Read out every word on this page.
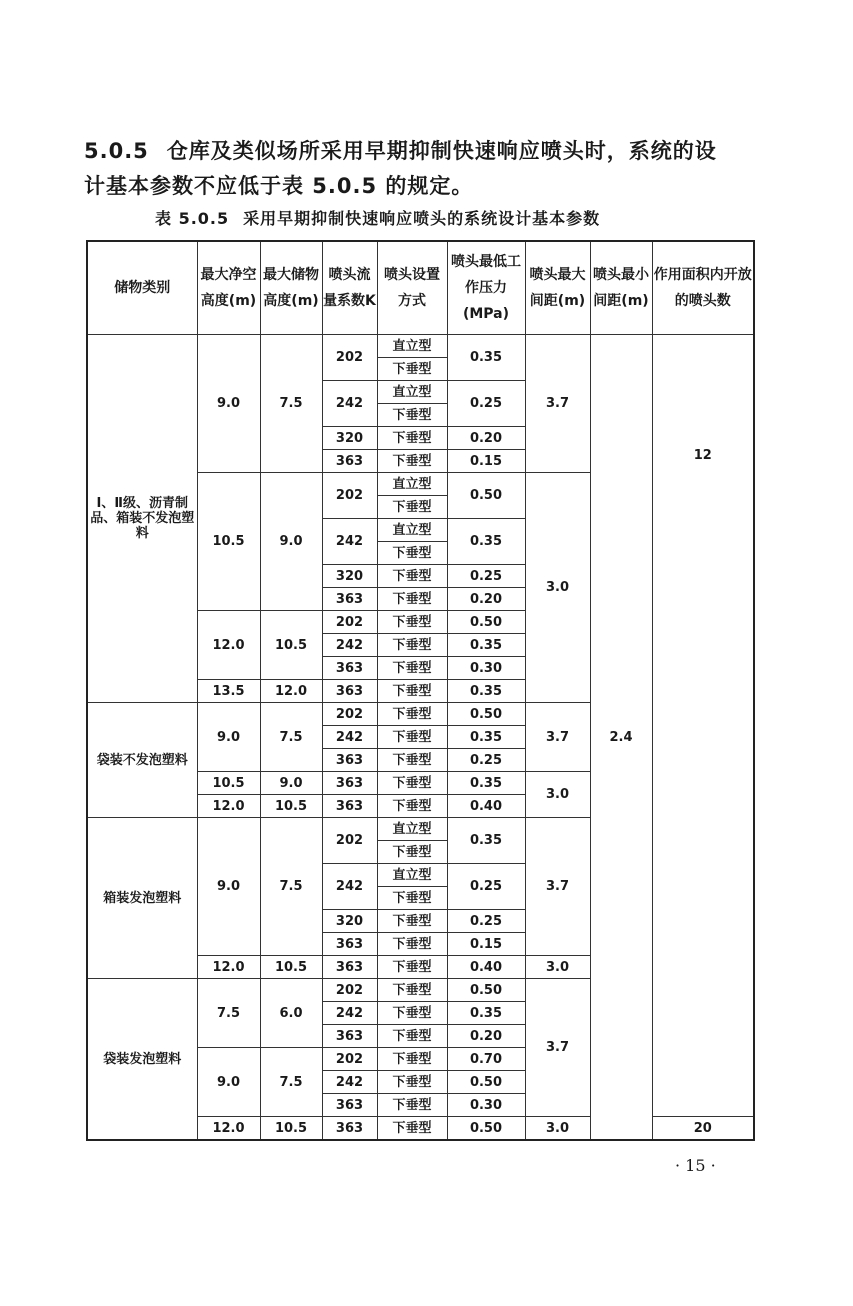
5.0.5 仓库及类似场所采用早期抑制快速响应喷头时，系统的设
计基本参数不应低于表 5.0.5 的规定。
表 5.0.5 采用早期抑制快速响应喷头的系统设计基本参数
储物类别	最大净空高度(m)	最大储物高度(m)	喷头流量系数K	喷头设置方式	喷头最低工作压力(MPa)	喷头最大间距(m)	喷头最小间距(m)	作用面积内开放的喷头数
Ⅰ、Ⅱ级、沥青制品、箱装不发泡塑料	9.0	7.5	202	直立型	0.35	3.7	2.4	12
				下垂型				
			242	直立型	0.25			
				下垂型				
			320	下垂型	0.20			
			363	下垂型	0.15			
	10.5	9.0	202	直立型	0.50	3.0		
				下垂型				
			242	直立型	0.35			
				下垂型				
			320	下垂型	0.25			
			363	下垂型	0.20			
	12.0	10.5	202	下垂型	0.50			
			242	下垂型	0.35			
			363	下垂型	0.30			
	13.5	12.0	363	下垂型	0.35			
袋装不发泡塑料	9.0	7.5	202	下垂型	0.50	3.7		
			242	下垂型	0.35			
			363	下垂型	0.25			
	10.5	9.0	363	下垂型	0.35	3.0		
	12.0	10.5	363	下垂型	0.40			
箱装发泡塑料	9.0	7.5	202	直立型	0.35	3.7		
				下垂型				
			242	直立型	0.25			
				下垂型				
			320	下垂型	0.25			
			363	下垂型	0.15			
	12.0	10.5	363	下垂型	0.40	3.0		
袋装发泡塑料	7.5	6.0	202	下垂型	0.50	3.7		
			242	下垂型	0.35			
			363	下垂型	0.20			
	9.0	7.5	202	下垂型	0.70			
			242	下垂型	0.50			
			363	下垂型	0.30			
	12.0	10.5	363	下垂型	0.50	3.0		20
· 15 ·
